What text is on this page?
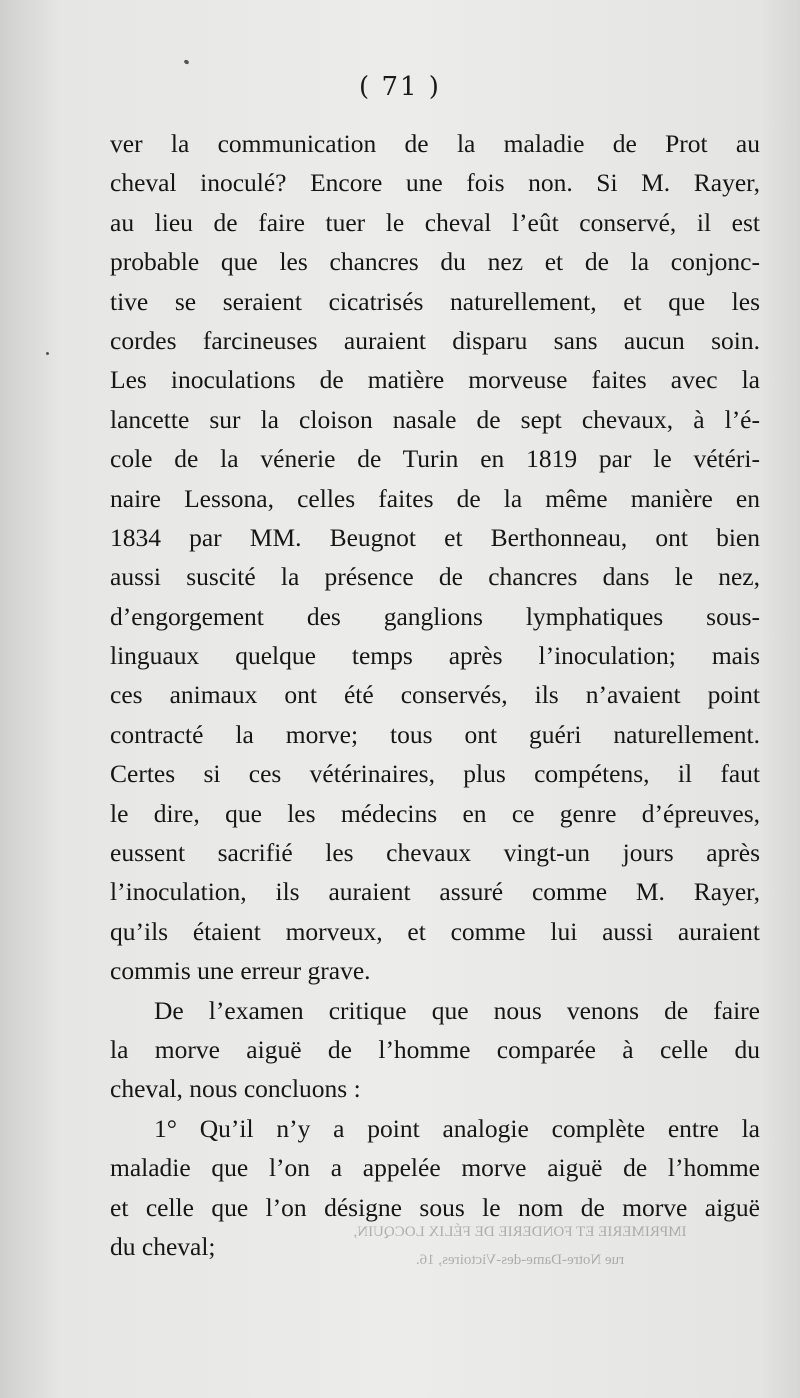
( 71 )
ver la communication de la maladie de Prot au
cheval inoculé? Encore une fois non. Si M. Rayer,
au lieu de faire tuer le cheval l’eût conservé, il est
probable que les chancres du nez et de la conjonc-
tive se seraient cicatrisés naturellement, et que les
cordes farcineuses auraient disparu sans aucun soin.
Les inoculations de matière morveuse faites avec la
lancette sur la cloison nasale de sept chevaux, à l’é-
cole de la vénerie de Turin en 1819 par le vétéri-
naire Lessona, celles faites de la même manière en
1834 par MM. Beugnot et Berthonneau, ont bien
aussi suscité la présence de chancres dans le nez,
d’engorgement des ganglions lymphatiques sous-
linguaux quelque temps après l’inoculation; mais
ces animaux ont été conservés, ils n’avaient point
contracté la morve; tous ont guéri naturellement.
Certes si ces vétérinaires, plus compétens, il faut
le dire, que les médecins en ce genre d’épreuves,
eussent sacrifié les chevaux vingt-un jours après
l’inoculation, ils auraient assuré comme M. Rayer,
qu’ils étaient morveux, et comme lui aussi auraient
commis une erreur grave.
De l’examen critique que nous venons de faire
la morve aiguë de l’homme comparée à celle du
cheval, nous concluons :
1° Qu’il n’y a point analogie complète entre la
maladie que l’on a appelée morve aiguë de l’homme
et celle que l’on désigne sous le nom de morve aiguë
du cheval;	IMPRIMERIE ET FONDERIE DE FÉLIX LOCQUIN,
rue Notre-Dame-des-Victoires, 16.
